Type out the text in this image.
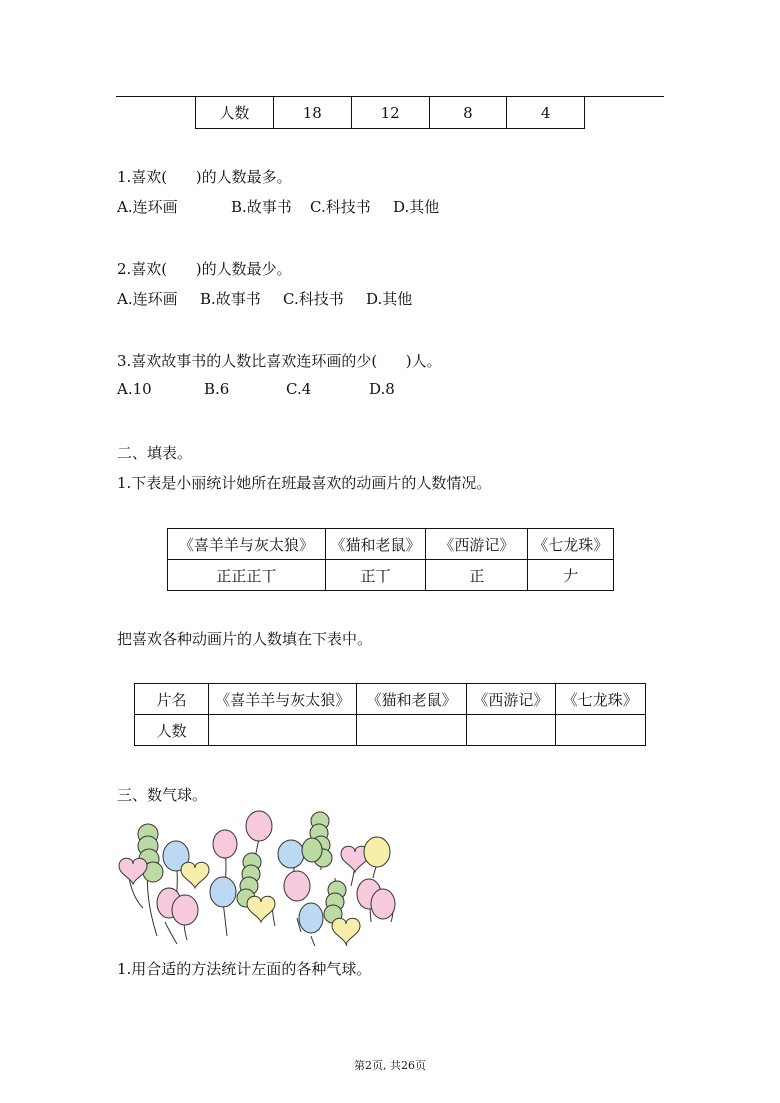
人数	18	12	8	4
1.喜欢(      )的人数最多。
A.连环画	B.故事书 C.科技书 D.其他
2.喜欢(      )的人数最少。
A.连环画 B.故事书 C.科技书 D.其他
3.喜欢故事书的人数比喜欢连环画的少(      )人。
A.10	B.6	C.4	D.8
二、填表。
1.下表是小丽统计她所在班最喜欢的动画片的人数情况。
《喜羊羊与灰太狼》	《猫和老鼠》	《西游记》	《七龙珠》
正正正丅	正丅	正	𠂇
把喜欢各种动画片的人数填在下表中。
片名	《喜羊羊与灰太狼》	《猫和老鼠》	《西游记》	《七龙珠》
人数				
三、数气球。
1.用合适的方法统计左面的各种气球。
第2页, 共26页
